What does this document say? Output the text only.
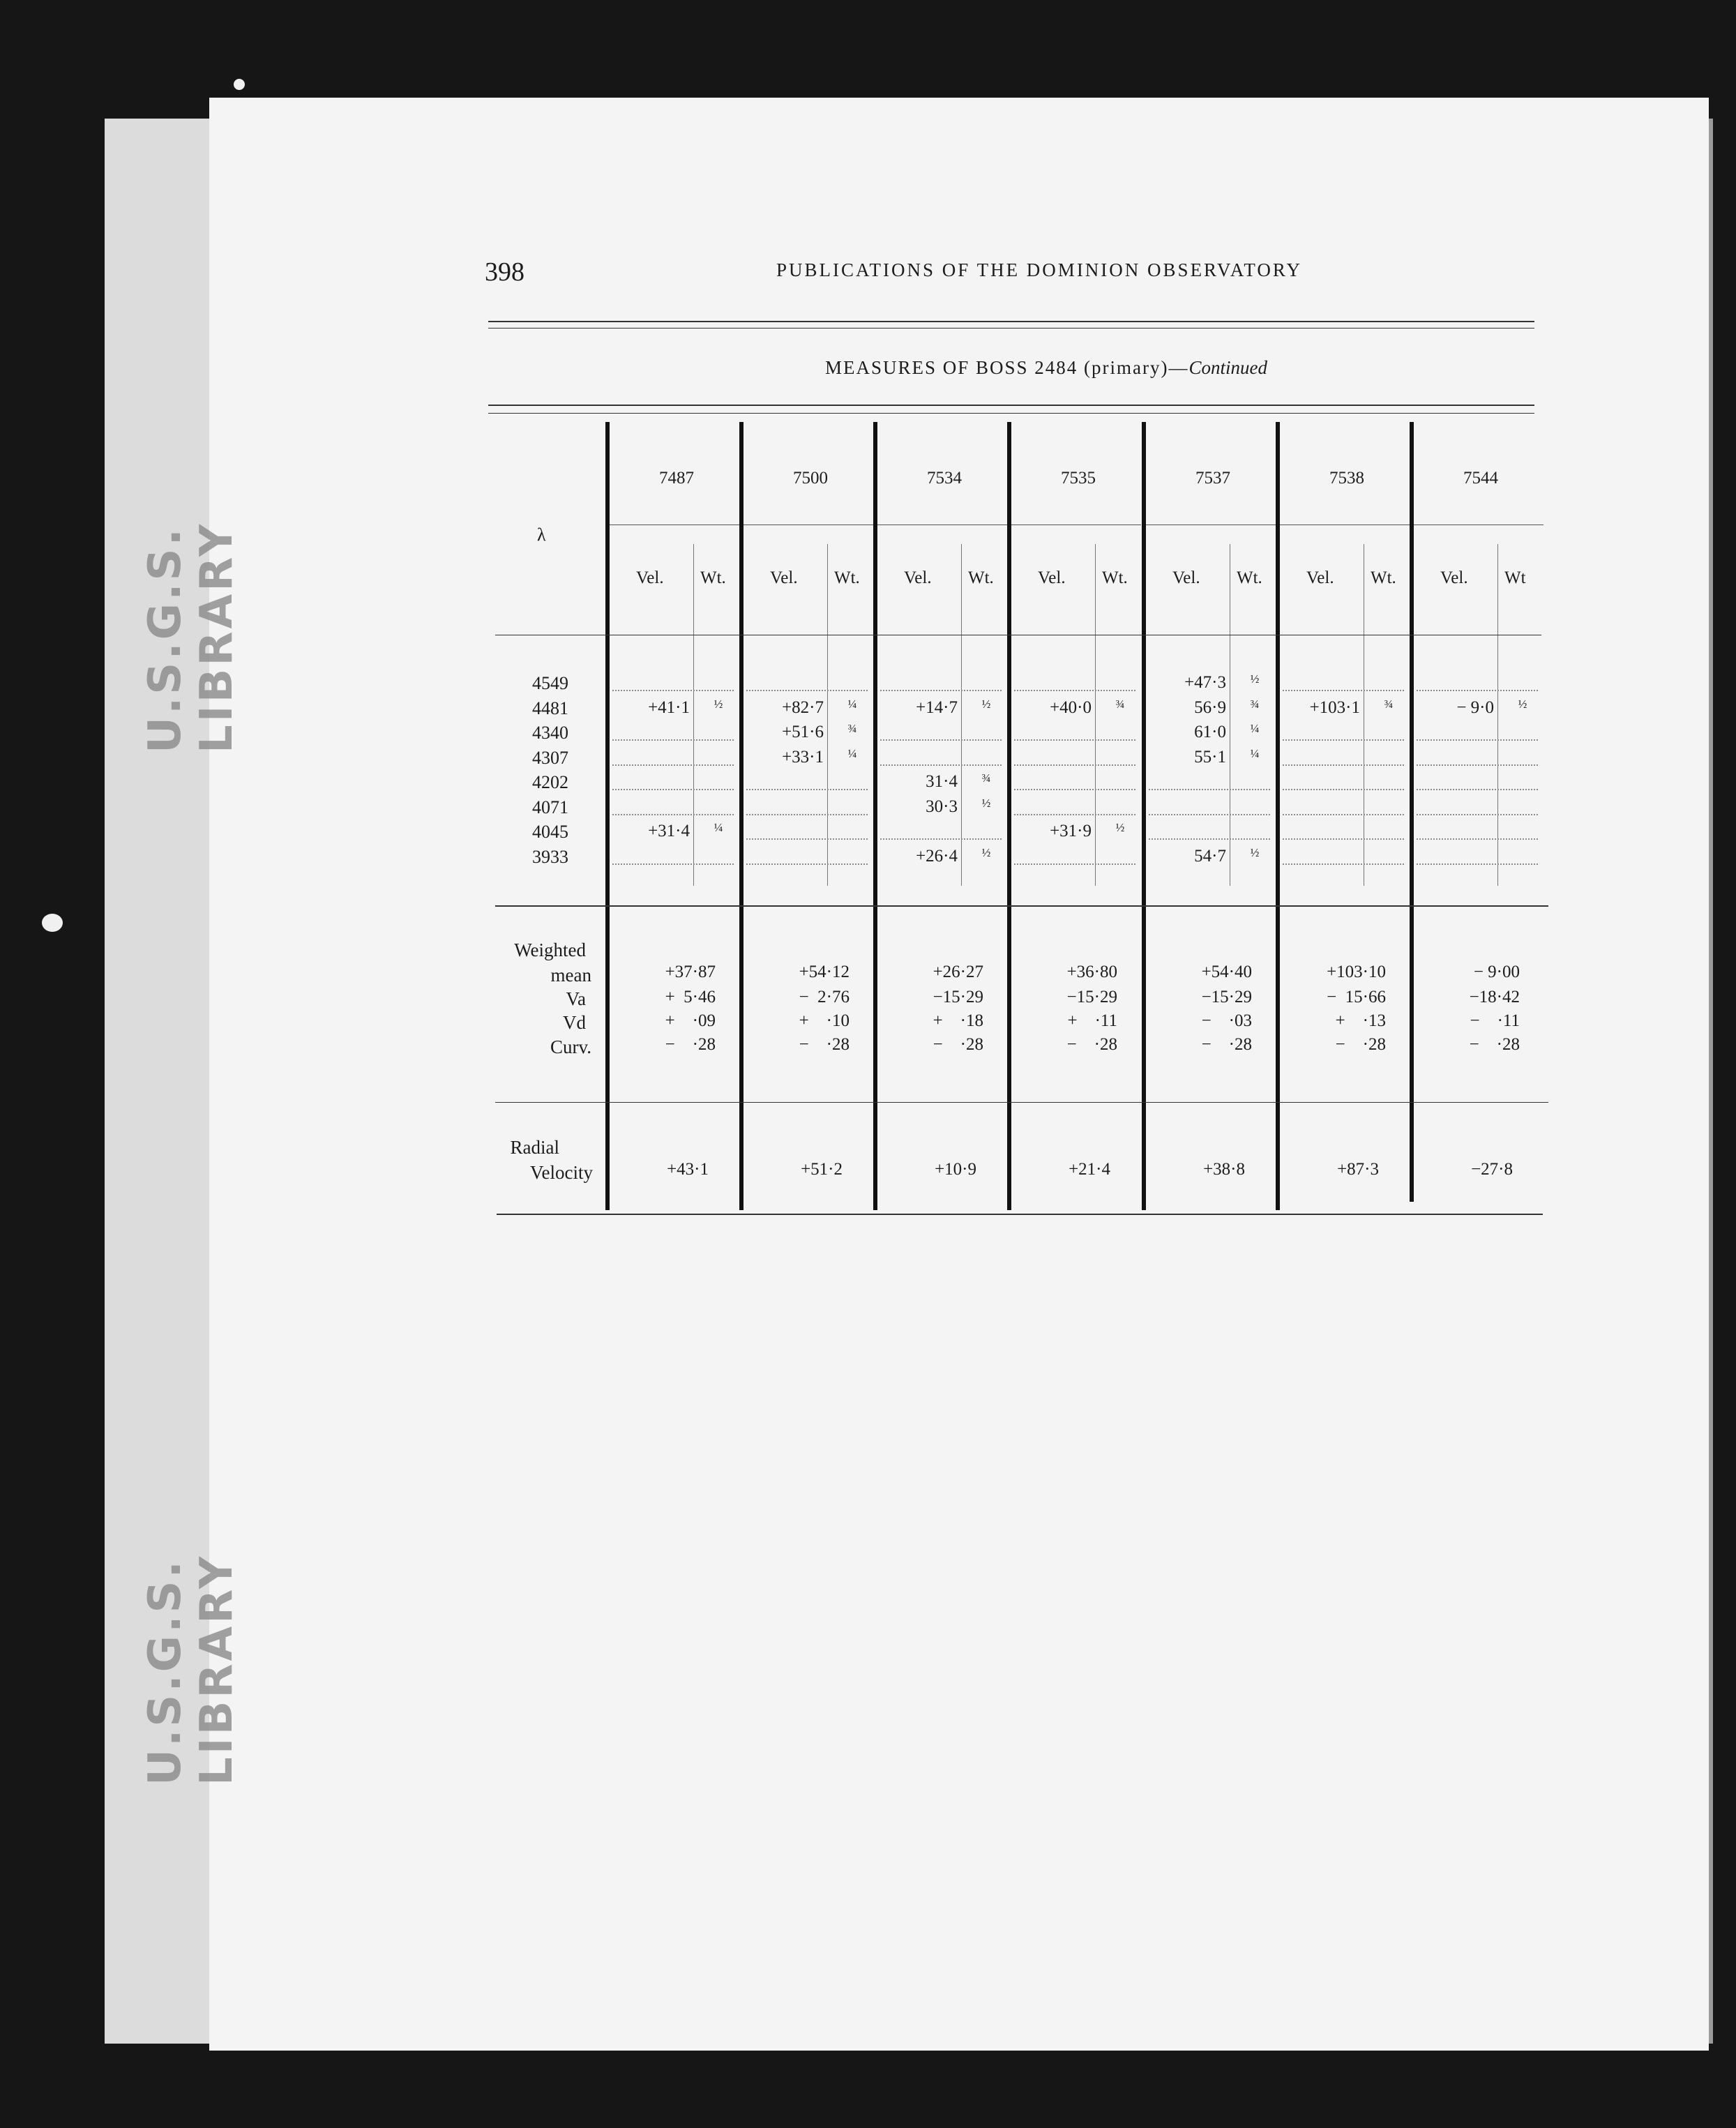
U.S.G.S. LIBRARY
U.S.G.S. LIBRARY
398	PUBLICATION​S OF THE DOMINION OBSERVATORY
MEASURES OF BOSS 2484 (primary)—Continued
λ
4549
4481
4340
4307
4202
4071
4045
3933
7487
Vel. Wt.
+41·1 ½
+31·4 ¼
+37·87
+  5·46
+    ·09
−    ·28
+43·1
7500
Vel. Wt.
+82·7 ¼
+51·6 ¾
+33·1 ¼
+54·12
−  2·76
+    ·10
−    ·28
+51·2
7534
Vel. Wt.
+14·7 ½
31·4 ¾
30·3 ½
+26·4 ½
+26·27
−15·29
+    ·18
−    ·28
+10·9
7535
Vel. Wt.
+40·0 ¾
+31·9 ½
+36·80
−15·29
+    ·11
−    ·28
+21·4
7537
Vel. Wt.
+47·3 ½
56·9 ¾
61·0 ¼
55·1 ¼
54·7 ½
+54·40
−15·29
−    ·03
−    ·28
+38·8
7538
Vel. Wt.
+103·1 ¾
+103·10
−  15·66
+    ·13
−    ·28
+87·3
7544
Vel. Wt
− 9·0 ½
− 9·00
−18·42
−    ·11
−    ·28
−27·8
Weighted
mean
Va
Vd
Curv.
Radial
Velocity
